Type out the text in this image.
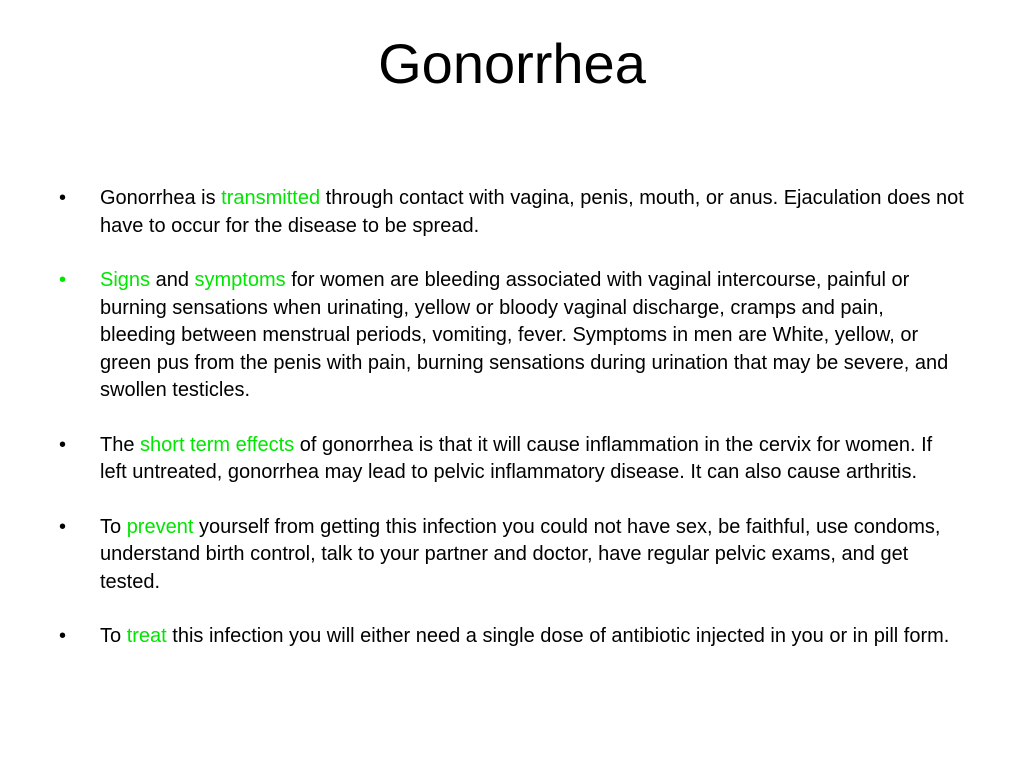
Gonorrhea
•	Gonorrhea is transmitted through contact with vagina, penis, mouth, or anus. Ejaculation does not have to occur for the disease to be spread.
•	Signs and symptoms for women are bleeding associated with vaginal intercourse, painful or burning sensations when urinating, yellow or bloody vaginal discharge, cramps and pain, bleeding between menstrual periods, vomiting, fever. Symptoms in men are White, yellow, or green pus from the penis with pain, burning sensations during urination that may be severe, and swollen testicles.
•	The short term effects of gonorrhea is that it will cause inflammation in the cervix for women. If left untreated, gonorrhea may lead to pelvic inflammatory disease. It can also cause arthritis.
•	To prevent yourself from getting this infection you could not have sex, be faithful, use condoms, understand birth control, talk to your partner and doctor, have regular pelvic exams, and get tested.
•	To treat this infection you will either need a single dose of antibiotic injected in you or in pill form.
